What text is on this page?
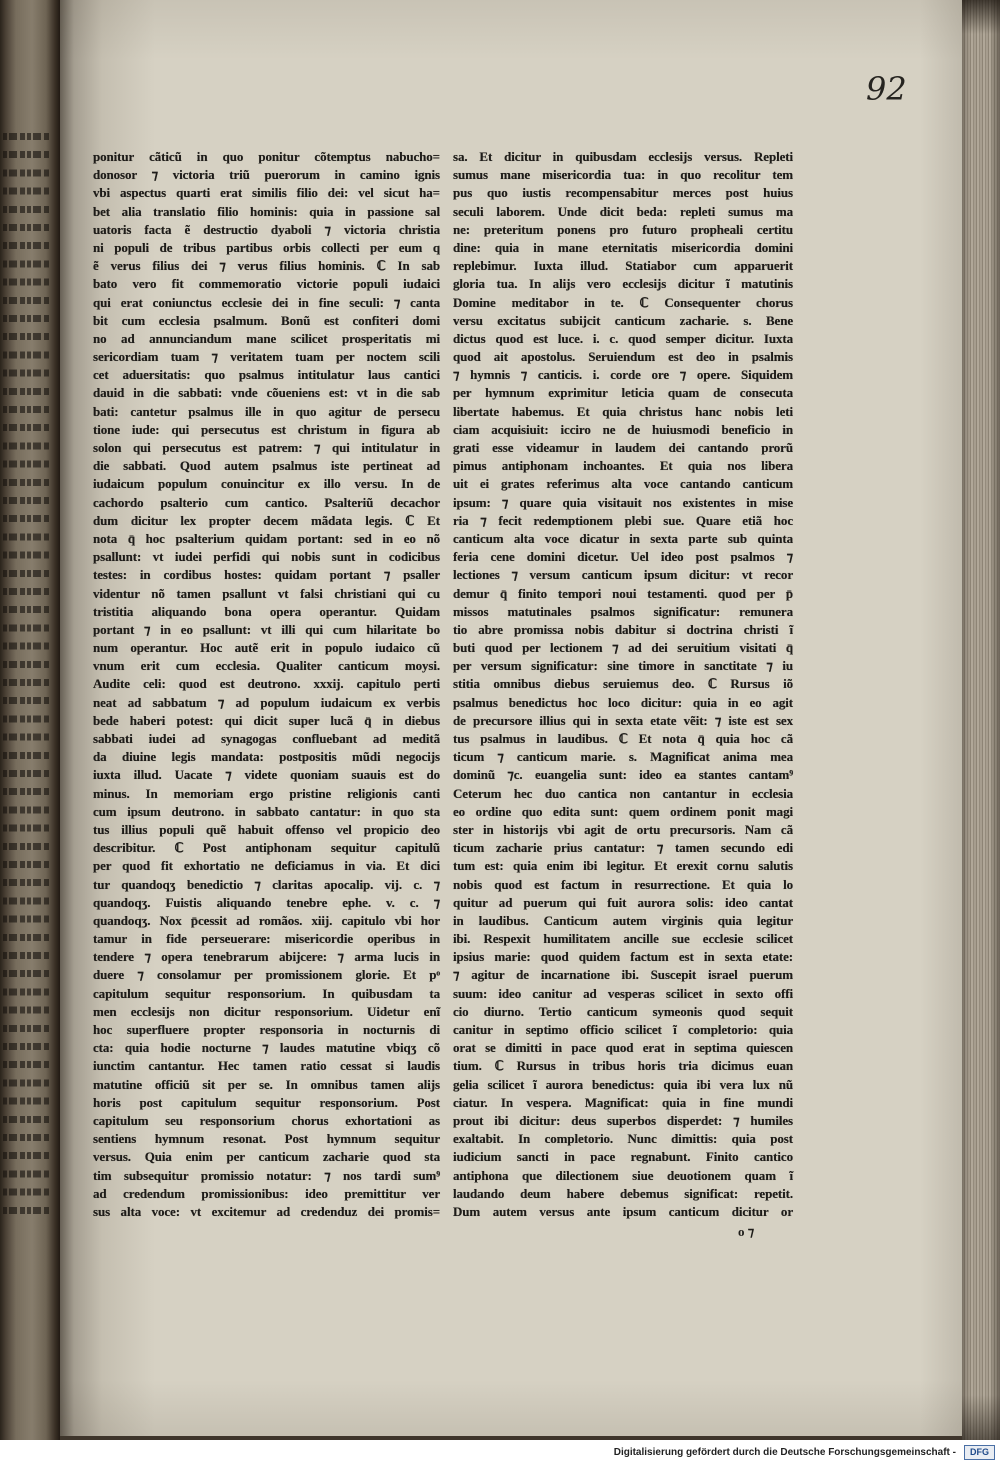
92
ponitur cãticũ in quo ponitur cõtemptus nabucho=
donosor ⁊ victoria triũ puerorum in camino ignis
vbi aspectus quarti erat similis filio dei: vel sicut ha=
bet alia translatio filio hominis: quia in passione sal
uatoris facta ẽ destructio dyaboli ⁊ victoria christia
ni populi de tribus partibus orbis collecti per eum q
ẽ verus filius dei ⁊ verus filius hominis. ℂ In sab
bato vero fit commemoratio victorie populi iudaici
qui erat coniunctus ecclesie dei in fine seculi: ⁊ canta
bit cum ecclesia psalmum. Bonũ est confiteri domi
no ad annunciandum mane scilicet prosperitatis mi
sericordiam tuam ⁊ veritatem tuam per noctem scili
cet aduersitatis: quo psalmus intitulatur laus cantici
dauid in die sabbati: vnde cõueniens est: vt in die sab
bati: cantetur psalmus ille in quo agitur de persecu
tione iude: qui persecutus est christum in figura ab
solon qui persecutus est patrem: ⁊ qui intitulatur in
die sabbati. Quod autem psalmus iste pertineat ad
iudaicum populum conuincitur ex illo versu. In de
cachordo psalterio cum cantico. Psalteriũ decachor
dum dicitur lex propter decem mãdata legis. ℂ Et
nota q̄ hoc psalterium quidam portant: sed in eo nõ
psallunt: vt iudei perfidi qui nobis sunt in codicibus
testes: in cordibus hostes: quidam portant ⁊ psaller
videntur nõ tamen psallunt vt falsi christiani qui cu
tristitia aliquando bona opera operantur. Quidam
portant ⁊ in eo psallunt: vt illi qui cum hilaritate bo
num operantur. Hoc autẽ erit in populo iudaico cũ
vnum erit cum ecclesia. Qualiter canticum moysi.
Audite celi: quod est deutrono. xxxij. capitulo perti
neat ad sabbatum ⁊ ad populum iudaicum ex verbis
bede haberi potest: qui dicit super lucã q̄ in diebus
sabbati iudei ad synagogas confluebant ad meditã
da diuine legis mandata: postpositis mũdi negocijs
iuxta illud. Uacate ⁊ videte quoniam suauis est do
minus. In memoriam ergo pristine religionis canti
cum ipsum deutrono. in sabbato cantatur: in quo sta
tus illius populi quẽ habuit offenso vel propicio deo
describitur. ℂ Post antiphonam sequitur capitulũ
per quod fit exhortatio ne deficiamus in via. Et dici
tur quandoqʒ benedictio ⁊ claritas apocalip. vij. c. ⁊
quandoqʒ. Fuistis aliquando tenebre ephe. v. c. ⁊
quandoqʒ. Nox p̄cessit ad romãos. xiij. capitulo vbi hor
tamur in fide perseuerare: misericordie operibus in
tendere ⁊ opera tenebrarum abijcere: ⁊ arma lucis in
duere ⁊ consolamur per promissionem glorie. Et pᵒ
capitulum sequitur responsorium. In quibusdam ta
men ecclesijs non dicitur responsorium. Uidetur enĩ
hoc superfluere propter responsoria in nocturnis di
cta: quia hodie nocturne ⁊ laudes matutine vbiqʒ cõ
iunctim cantantur. Hec tamen ratio cessat si laudis
matutine officiũ sit per se. In omnibus tamen alijs
horis post capitulum sequitur responsorium. Post
capitulum seu responsorium chorus exhortationi as
sentiens hymnum resonat. Post hymnum sequitur
versus. Quia enim per canticum zacharie quod sta
tim subsequitur promissio notatur: ⁊ nos tardi sum⁹
ad credendum promissionibus: ideo premittitur ver
sus alta voce: vt excitemur ad credenduz dei promis=
sa. Et dicitur in quibusdam ecclesijs versus. Repleti
sumus mane misericordia tua: in quo recolitur tem
pus quo iustis recompensabitur merces post huius
seculi laborem. Unde dicit beda: repleti sumus ma
ne: preteritum ponens pro futuro propheali certitu
dine: quia in mane eternitatis misericordia domini
replebimur. Iuxta illud. Statiabor cum apparuerit
gloria tua. In alijs vero ecclesijs dicitur ĩ matutinis
Domine meditabor in te. ℂ Consequenter chorus
versu excitatus subijcit canticum zacharie. s. Bene
dictus quod est luce. i. c. quod semper dicitur. Iuxta
quod ait apostolus. Seruiendum est deo in psalmis
⁊ hymnis ⁊ canticis. i. corde ore ⁊ opere. Siquidem
per hymnum exprimitur leticia quam de consecuta
libertate habemus. Et quia christus hanc nobis leti
ciam acquisiuit: icciro ne de huiusmodi beneficio in
grati esse videamur in laudem dei cantando prorũ
pimus antiphonam inchoantes. Et quia nos libera
uit ei grates referimus alta voce cantando canticum
ipsum: ⁊ quare quia visitauit nos existentes in mise
ria ⁊ fecit redemptionem plebi sue. Quare etiã hoc
canticum alta voce dicatur in sexta parte sub quinta
feria cene domini dicetur. Uel ideo post psalmos ⁊
lectiones ⁊ versum canticum ipsum dicitur: vt recor
demur q̄ finito tempori noui testamenti. quod per p̄
missos matutinales psalmos significatur: remunera
tio abre promissa nobis dabitur si doctrina christi ĩ
buti quod per lectionem ⁊ ad dei seruitium visitati q̄
per versum significatur: sine timore in sanctitate ⁊ iu
stitia omnibus diebus seruiemus deo. ℂ Rursus iõ
psalmus benedictus hoc loco dicitur: quia in eo agit
de precursore illius qui in sexta etate vẽit: ⁊ iste est sex
tus psalmus in laudibus. ℂ Et nota q̄ quia hoc cã
ticum ⁊ canticum marie. s. Magnificat anima mea
dominũ ⁊c. euangelia sunt: ideo ea stantes cantam⁹
Ceterum hec duo cantica non cantantur in ecclesia
eo ordine quo edita sunt: quem ordinem ponit magi
ster in historijs vbi agit de ortu precursoris. Nam cã
ticum zacharie prius cantatur: ⁊ tamen secundo edi
tum est: quia enim ibi legitur. Et erexit cornu salutis
nobis quod est factum in resurrectione. Et quia lo
quitur ad puerum qui fuit aurora solis: ideo cantat
in laudibus. Canticum autem virginis quia legitur
ibi. Respexit humilitatem ancille sue ecclesie scilicet
ipsius marie: quod quidem factum est in sexta etate:
⁊ agitur de incarnatione ibi. Suscepit israel puerum
suum: ideo canitur ad vesperas scilicet in sexto offi
cio diurno. Tertio canticum symeonis quod sequit
canitur in septimo officio scilicet ĩ completorio: quia
orat se dimitti in pace quod erat in septima quiescen
tium. ℂ Rursus in tribus horis tria dicimus euan
gelia scilicet ĩ aurora benedictus: quia ibi vera lux nũ
ciatur. In vespera. Magnificat: quia in fine mundi
prout ibi dicitur: deus superbos disperdet: ⁊ humiles
exaltabit. In completorio. Nunc dimittis: quia post
iudicium sancti in pace regnabunt. Finito cantico
antiphona que dilectionem siue deuotionem quam ĩ
laudando deum habere debemus significat: repetit.
Dum autem versus ante ipsum canticum dicitur or
o ⁊
Digitalisierung gefördert durch die Deutsche Forschungsgemeinschaft -	DFG
